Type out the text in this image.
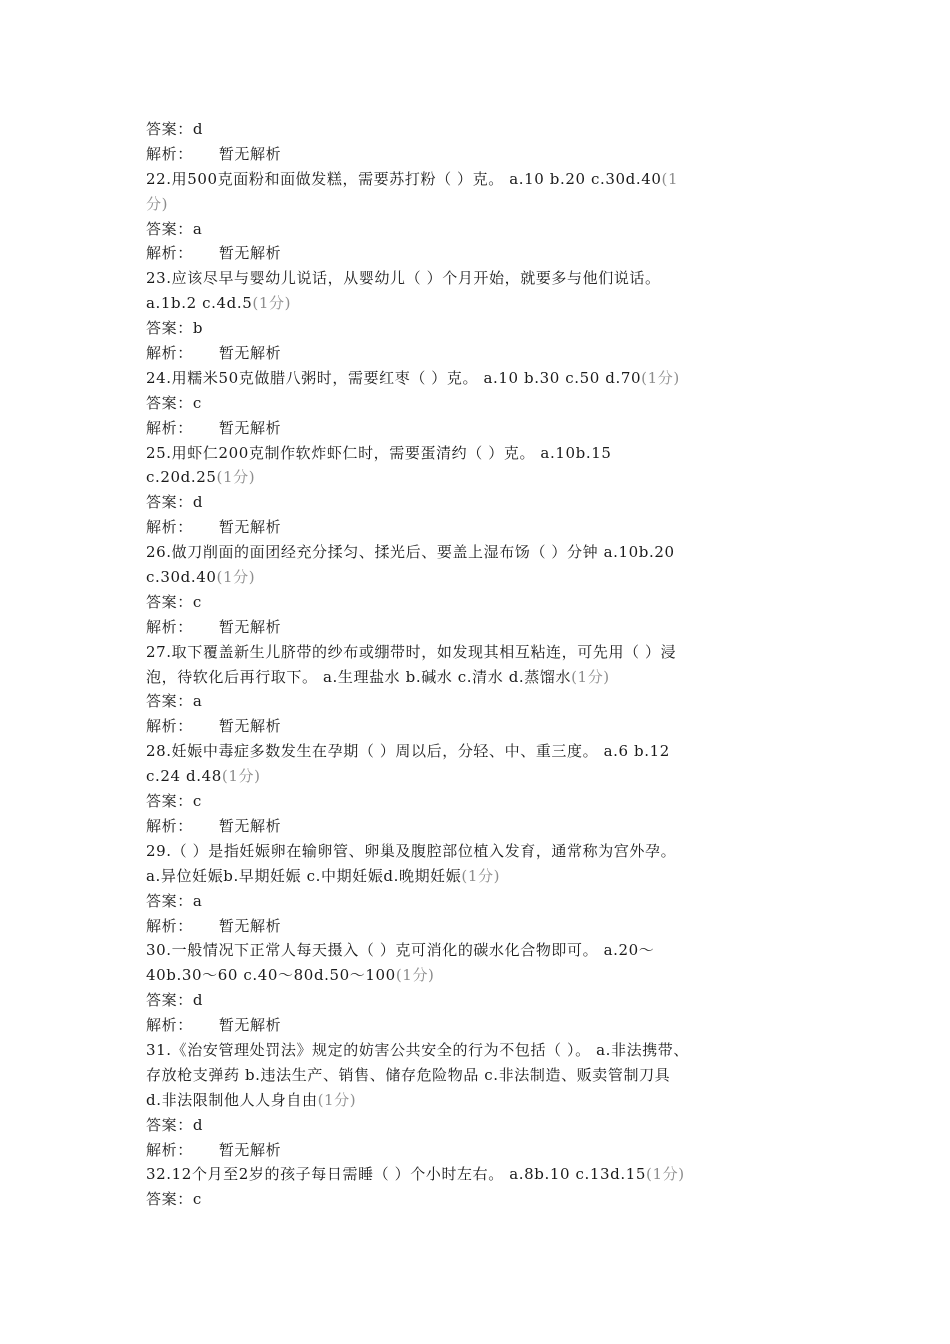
答案：d
解析： 暂无解析
22.用500克面粉和面做发糕，需要苏打粉（ ）克。 a.10 b.20 c.30d.40(1
分)
答案：a
解析： 暂无解析
23.应该尽早与婴幼儿说话，从婴幼儿（ ）个月开始，就要多与他们说话。
a.1b.2 c.4d.5(1分)
答案：b
解析： 暂无解析
24.用糯米50克做腊八粥时，需要红枣（ ）克。 a.10 b.30 c.50 d.70(1分)
答案：c
解析： 暂无解析
25.用虾仁200克制作软炸虾仁时，需要蛋清约（ ）克。 a.10b.15
c.20d.25(1分)
答案：d
解析： 暂无解析
26.做刀削面的面团经充分揉匀、揉光后、要盖上湿布饧（ ）分钟 a.10b.20
c.30d.40(1分)
答案：c
解析： 暂无解析
27.取下覆盖新生儿脐带的纱布或绷带时，如发现其相互粘连，可先用（ ）浸
泡，待软化后再行取下。 a.生理盐水 b.碱水 c.清水 d.蒸馏水(1分)
答案：a
解析： 暂无解析
28.妊娠中毒症多数发生在孕期（ ）周以后，分轻、中、重三度。 a.6 b.12
c.24 d.48(1分)
答案：c
解析： 暂无解析
29.（ ）是指妊娠卵在输卵管、卵巢及腹腔部位植入发育，通常称为宫外孕。
a.异位妊娠b.早期妊娠 c.中期妊娠d.晚期妊娠(1分)
答案：a
解析： 暂无解析
30.一般情况下正常人每天摄入（ ）克可消化的碳水化合物即可。 a.20～
40b.30～60 c.40～80d.50～100(1分)
答案：d
解析： 暂无解析
31.《治安管理处罚法》规定的妨害公共安全的行为不包括（ ）。 a.非法携带、
存放枪支弹药 b.违法生产、销售、储存危险物品 c.非法制造、贩卖管制刀具
d.非法限制他人人身自由(1分)
答案：d
解析： 暂无解析
32.12个月至2岁的孩子每日需睡（ ）个小时左右。 a.8b.10 c.13d.15(1分)
答案：c
